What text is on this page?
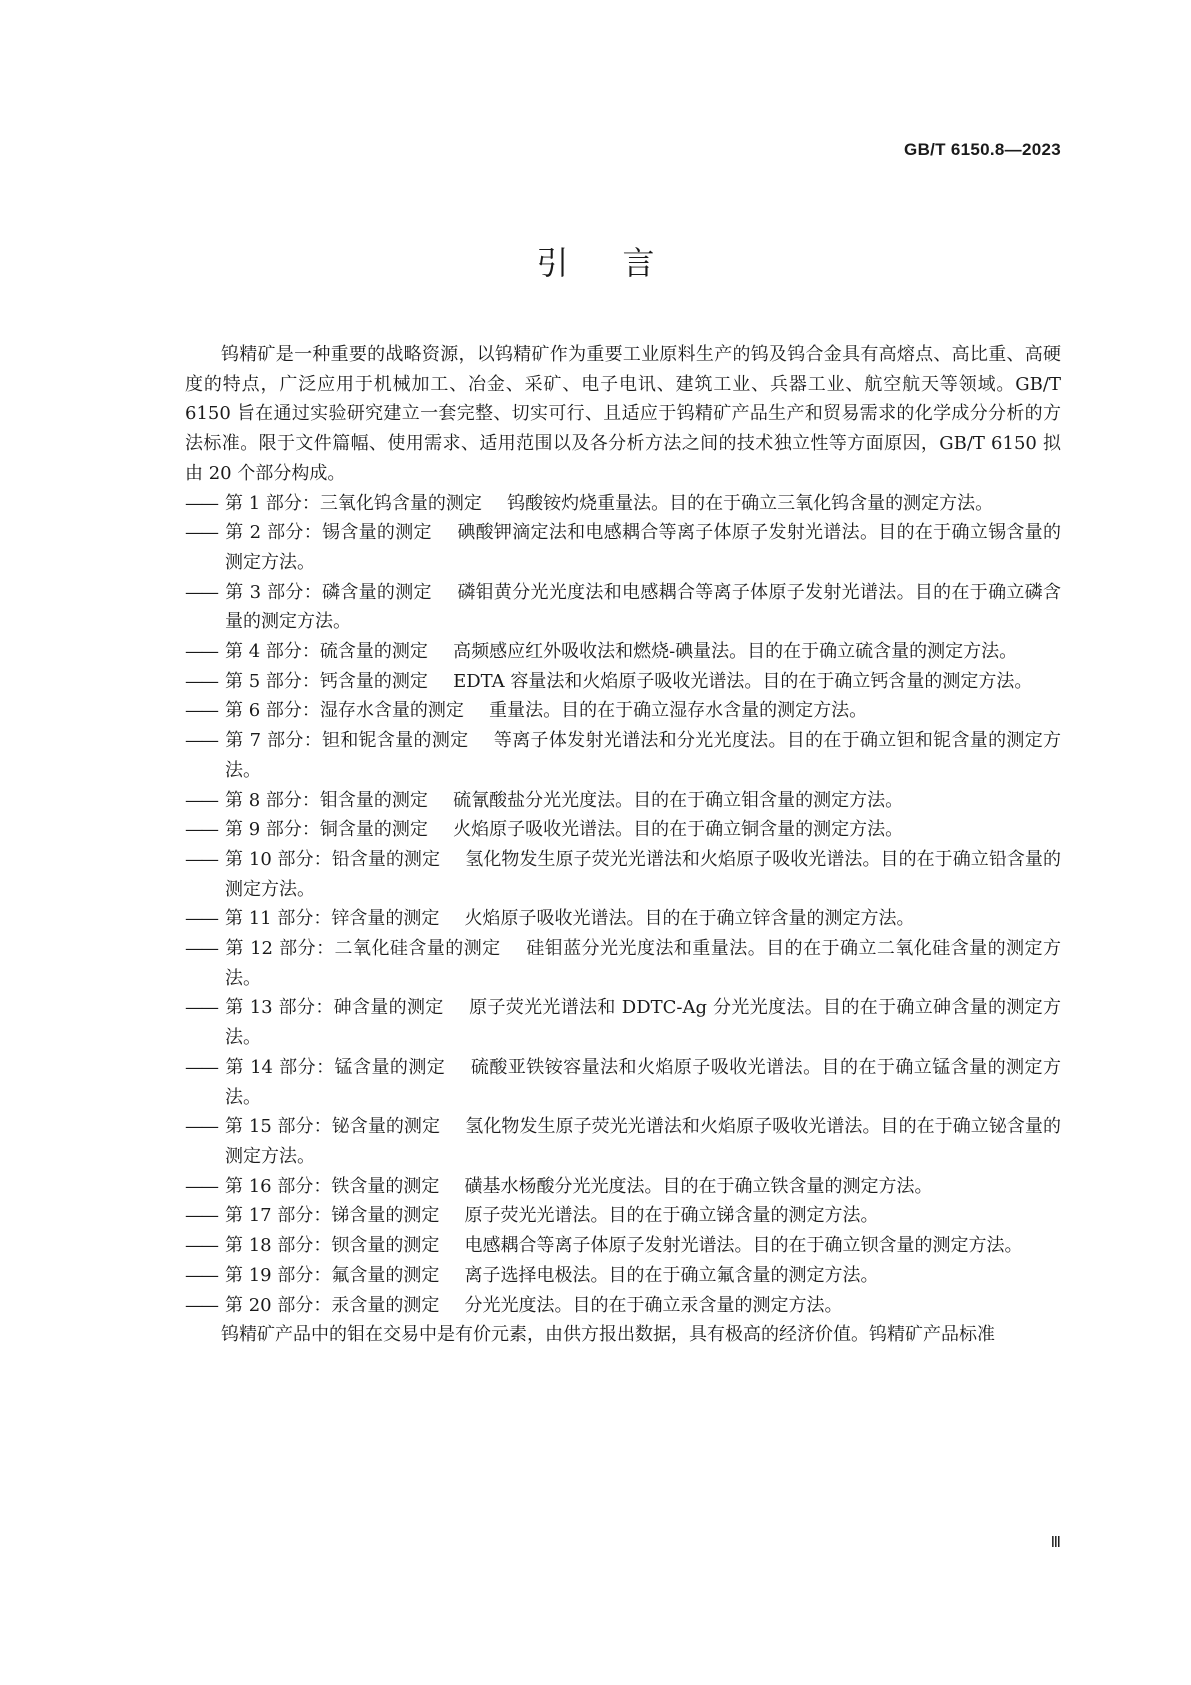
GB/T 6150.8—2023
引言

钨精矿是一种重要的战略资源，以钨精矿作为重要工业原料生产的钨及钨合金具有高熔点、高比重、高硬度的特点，广泛应用于机械加工、冶金、采矿、电子电讯、建筑工业、兵器工业、航空航天等领域。GB/T 6150 旨在通过实验研究建立一套完整、切实可行、且适应于钨精矿产品生产和贸易需求的化学成分分析的方法标准。限于文件篇幅、使用需求、适用范围以及各分析方法之间的技术独立性等方面原因，GB/T 6150 拟由 20 个部分构成。

—— 第 1 部分：三氧化钨含量的测定 钨酸铵灼烧重量法。目的在于确立三氧化钨含量的测定方法。

—— 第 2 部分：锡含量的测定 碘酸钾滴定法和电感耦合等离子体原子发射光谱法。目的在于确立锡含量的测定方法。

—— 第 3 部分：磷含量的测定 磷钼黄分光光度法和电感耦合等离子体原子发射光谱法。目的在于确立磷含量的测定方法。

—— 第 4 部分：硫含量的测定 高频感应红外吸收法和燃烧-碘量法。目的在于确立硫含量的测定方法。

—— 第 5 部分：钙含量的测定 EDTA 容量法和火焰原子吸收光谱法。目的在于确立钙含量的测定方法。

—— 第 6 部分：湿存水含量的测定 重量法。目的在于确立湿存水含量的测定方法。

—— 第 7 部分：钽和铌含量的测定 等离子体发射光谱法和分光光度法。目的在于确立钽和铌含量的测定方法。

—— 第 8 部分：钼含量的测定 硫氰酸盐分光光度法。目的在于确立钼含量的测定方法。

—— 第 9 部分：铜含量的测定 火焰原子吸收光谱法。目的在于确立铜含量的测定方法。

—— 第 10 部分：铅含量的测定 氢化物发生原子荧光光谱法和火焰原子吸收光谱法。目的在于确立铅含量的测定方法。

—— 第 11 部分：锌含量的测定 火焰原子吸收光谱法。目的在于确立锌含量的测定方法。

—— 第 12 部分：二氧化硅含量的测定 硅钼蓝分光光度法和重量法。目的在于确立二氧化硅含量的测定方法。

—— 第 13 部分：砷含量的测定 原子荧光光谱法和 DDTC-Ag 分光光度法。目的在于确立砷含量的测定方法。

—— 第 14 部分：锰含量的测定 硫酸亚铁铵容量法和火焰原子吸收光谱法。目的在于确立锰含量的测定方法。

—— 第 15 部分：铋含量的测定 氢化物发生原子荧光光谱法和火焰原子吸收光谱法。目的在于确立铋含量的测定方法。

—— 第 16 部分：铁含量的测定 磺基水杨酸分光光度法。目的在于确立铁含量的测定方法。

—— 第 17 部分：锑含量的测定 原子荧光光谱法。目的在于确立锑含量的测定方法。

—— 第 18 部分：钡含量的测定 电感耦合等离子体原子发射光谱法。目的在于确立钡含量的测定方法。

—— 第 19 部分：氟含量的测定 离子选择电极法。目的在于确立氟含量的测定方法。

—— 第 20 部分：汞含量的测定 分光光度法。目的在于确立汞含量的测定方法。

钨精矿产品中的钼在交易中是有价元素，由供方报出数据，具有极高的经济价值。钨精矿产品标准

Ⅲ
